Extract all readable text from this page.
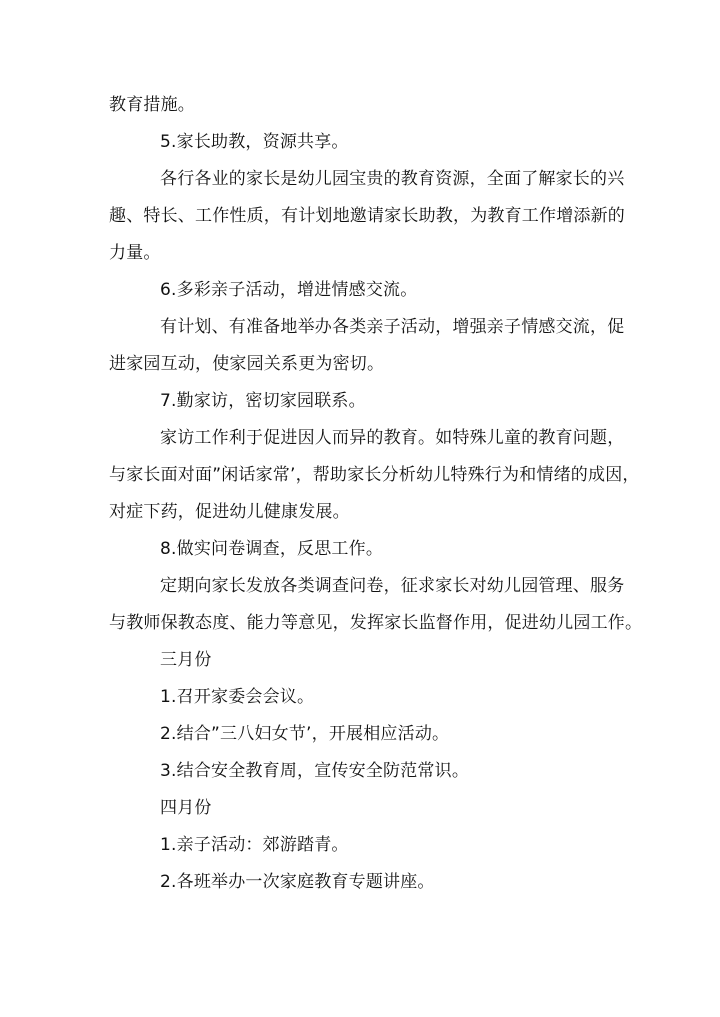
教育措施。
5.家长助教，资源共享。
各行各业的家长是幼儿园宝贵的教育资源，全面了解家长的兴
趣、特长、工作性质，有计划地邀请家长助教，为教育工作增添新的
力量。
6.多彩亲子活动，增进情感交流。
有计划、有准备地举办各类亲子活动，增强亲子情感交流，促
进家园互动，使家园关系更为密切。
7.勤家访，密切家园联系。
家访工作利于促进因人而异的教育。如特殊儿童的教育问题，
与家长面对面”闲话家常’，帮助家长分析幼儿特殊行为和情绪的成因，
对症下药，促进幼儿健康发展。
8.做实问卷调查，反思工作。
定期向家长发放各类调查问卷，征求家长对幼儿园管理、服务
与教师保教态度、能力等意见，发挥家长监督作用，促进幼儿园工作。
三月份
1.召开家委会会议。
2.结合”三八妇女节’，开展相应活动。
3.结合安全教育周，宣传安全防范常识。
四月份
1.亲子活动：郊游踏青。
2.各班举办一次家庭教育专题讲座。
